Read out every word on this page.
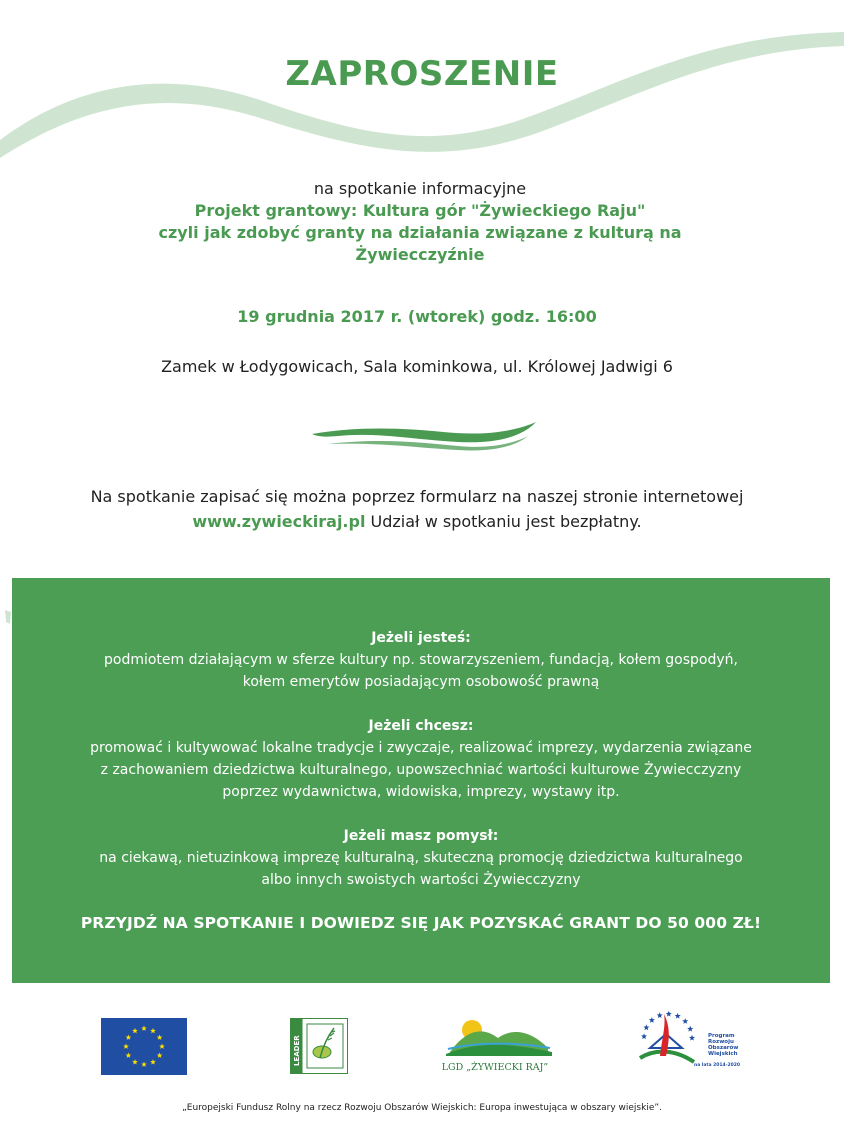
ZAPROSZENIE
na spotkanie informacyjne
Projekt grantowy: Kultura gór "Żywieckiego Raju"
czyli jak zdobyć granty na działania związane z kulturą na
Żywiecczyźnie
19 grudnia 2017 r. (wtorek) godz. 16:00
Zamek w Łodygowicach, Sala kominkowa, ul. Królowej Jadwigi 6
Na spotkanie zapisać się można poprzez formularz na naszej stronie internetowej
www.zywieckiraj.pl Udział w spotkaniu jest bezpłatny.
Jeżeli jesteś:
podmiotem działającym w sferze kultury np. stowarzyszeniem, fundacją, kołem gospodyń,
kołem emerytów posiadającym osobowość prawną
Jeżeli chcesz:
promować i kultywować lokalne tradycje i zwyczaje, realizować imprezy, wydarzenia związane
z zachowaniem dziedzictwa kulturalnego, upowszechniać wartości kulturowe Żywiecczyzny
poprzez wydawnictwa, widowiska, imprezy, wystawy itp.
Jeżeli masz pomysł:
na ciekawą, nietuzinkową imprezę kulturalną, skuteczną promocję dziedzictwa kulturalnego
albo innych swoistych wartości Żywiecczyzny
PRZYJDŹ NA SPOTKANIE I DOWIEDZ SIĘ JAK POZYSKAĆ GRANT DO 50 000 ZŁ!
LEADER
LGD „ŻYWIECKI RAJ”
Program
Rozwoju
Obszarów
Wiejskich
na lata 2014-2020
„Europejski Fundusz Rolny na rzecz Rozwoju Obszarów Wiejskich: Europa inwestująca w obszary wiejskie”.
